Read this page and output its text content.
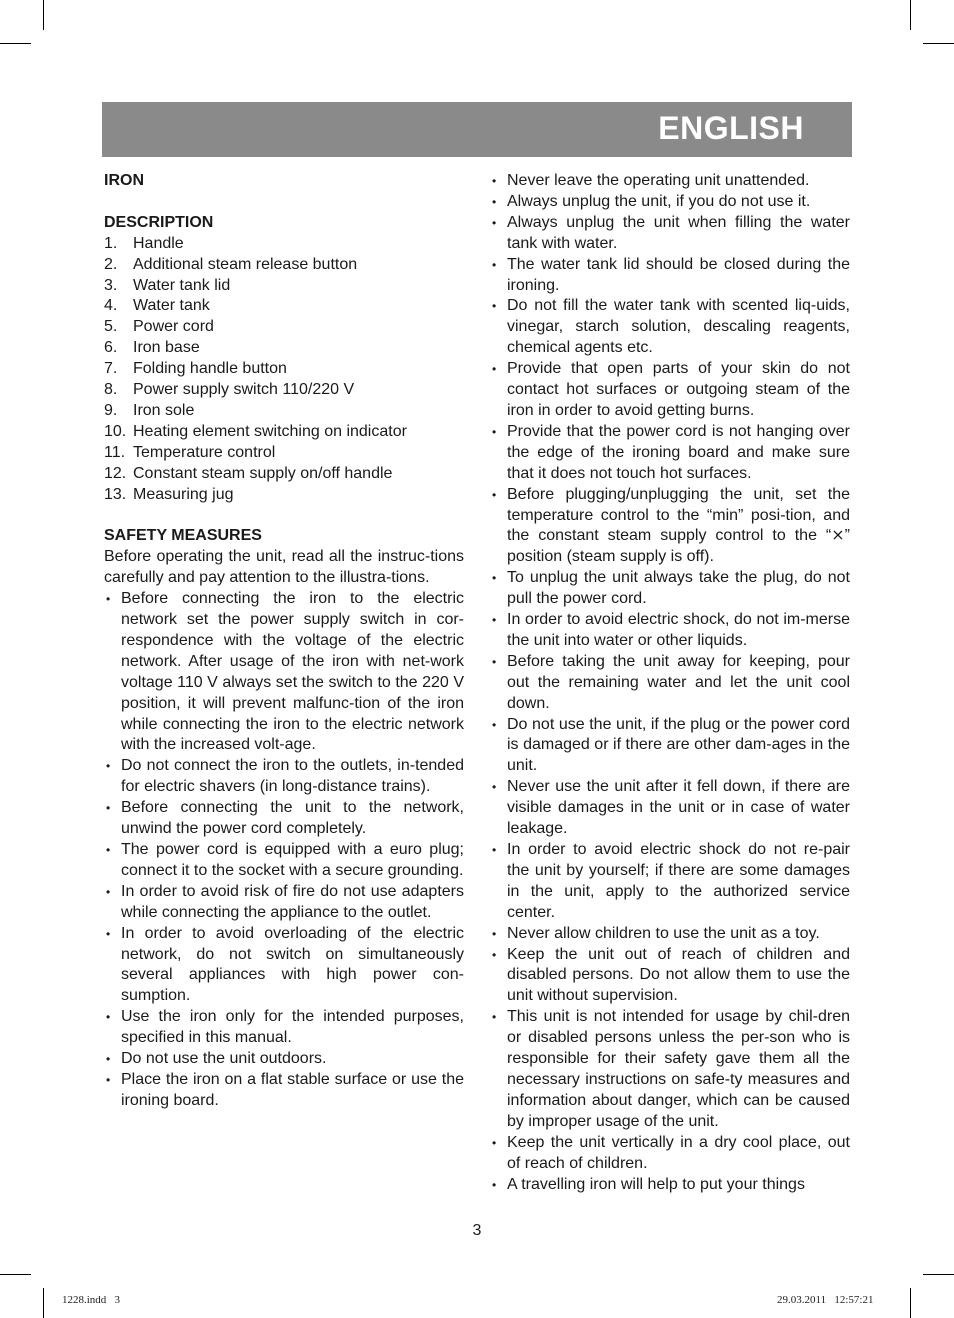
ENGLISH

IRON

DESCRIPTION

1. Handle
2. Additional steam release button
3. Water tank lid
4. Water tank
5. Power cord
6. Iron base
7. Folding handle button
8. Power supply switch 110/220 V
9. Iron sole
10. Heating element switching on indicator
11. Temperature control
12. Constant steam supply on/off handle
13. Measuring jug

SAFETY MEASURES

Before operating the unit, read all the instruc-tions carefully and pay attention to the illustra-tions.

• Before connecting the iron to the electric network set the power supply switch in cor-respondence with the voltage of the electric network. After usage of the iron with net-work voltage 110 V always set the switch to the 220 V position, it will prevent malfunc-tion of the iron while connecting the iron to the electric network with the increased volt-age.
• Do not connect the iron to the outlets, in-tended for electric shavers (in long-distance trains).
• Before connecting the unit to the network, unwind the power cord completely.
• The power cord is equipped with a euro plug; connect it to the socket with a secure grounding.
• In order to avoid risk of fire do not use adapters while connecting the appliance to the outlet.
• In order to avoid overloading of the electric network, do not switch on simultaneously several appliances with high power con-sumption.
• Use the iron only for the intended purposes, specified in this manual.
• Do not use the unit outdoors.
• Place the iron on a flat stable surface or use the ironing board.
• Never leave the operating unit unattended.
• Always unplug the unit, if you do not use it.
• Always unplug the unit when filling the water tank with water.
• The water tank lid should be closed during the ironing.
• Do not fill the water tank with scented liq-uids, vinegar, starch solution, descaling reagents, chemical agents etc.
• Provide that open parts of your skin do not contact hot surfaces or outgoing steam of the iron in order to avoid getting burns.
• Provide that the power cord is not hanging over the edge of the ironing board and make sure that it does not touch hot surfaces.
• Before plugging/unplugging the unit, set the temperature control to the “min” posi-tion, and the constant steam supply control to the “⨯” position (steam supply is off).
• To unplug the unit always take the plug, do not pull the power cord.
• In order to avoid electric shock, do not im-merse the unit into water or other liquids.
• Before taking the unit away for keeping, pour out the remaining water and let the unit cool down.
• Do not use the unit, if the plug or the power cord is damaged or if there are other dam-ages in the unit.
• Never use the unit after it fell down, if there are visible damages in the unit or in case of water leakage.
• In order to avoid electric shock do not re-pair the unit by yourself; if there are some damages in the unit, apply to the authorized service center.
• Never allow children to use the unit as a toy.
• Keep the unit out of reach of children and disabled persons. Do not allow them to use the unit without supervision.
• This unit is not intended for usage by chil-dren or disabled persons unless the per-son who is responsible for their safety gave them all the necessary instructions on safe-ty measures and information about danger, which can be caused by improper usage of the unit.
• Keep the unit vertically in a dry cool place, out of reach of children.
• A travelling iron will help to put your things
3
1228.indd   3	29.03.2011   12:57:21
